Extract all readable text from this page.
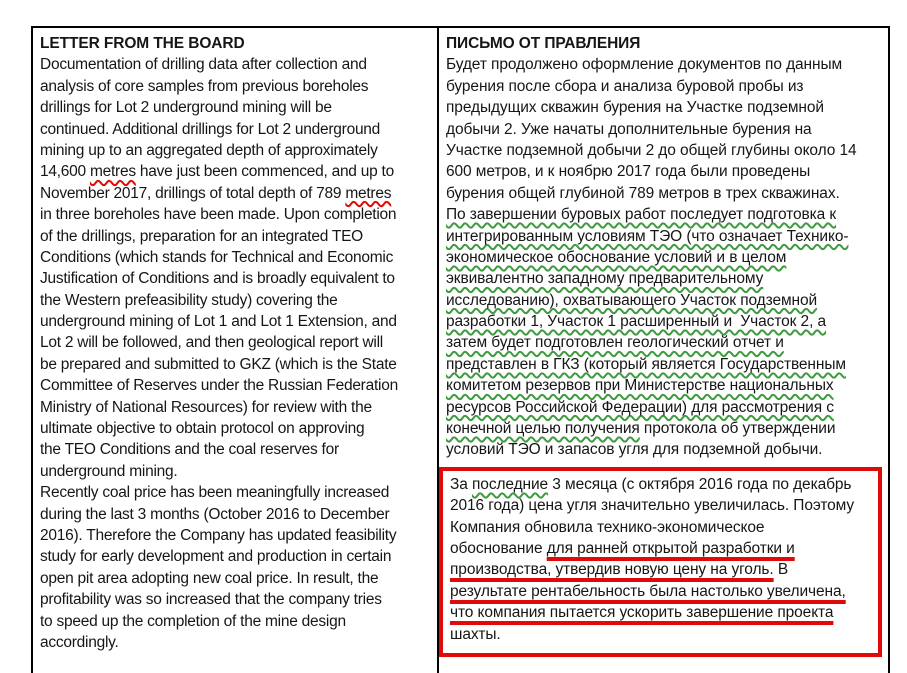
LETTER FROM THE BOARD
Documentation of drilling data after collection and
analysis of core samples from previous boreholes
drillings for Lot 2 underground mining will be
continued. Additional drillings for Lot 2 underground
mining up to an aggregated depth of approximately
14,600 metres have just been commenced, and up to
November 2017, drillings of total depth of 789 metres
in three boreholes have been made. Upon completion
of the drillings, preparation for an integrated TEO
Conditions (which stands for Technical and Economic
Justification of Conditions and is broadly equivalent to
the Western prefeasibility study) covering the
underground mining of Lot 1 and Lot 1 Extension, and
Lot 2 will be followed, and then geological report will
be prepared and submitted to GKZ (which is the State
Committee of Reserves under the Russian Federation
Ministry of National Resources) for review with the
ultimate objective to obtain protocol on approving
the TEO Conditions and the coal reserves for
underground mining.
Recently coal price has been meaningfully increased
during the last 3 months (October 2016 to December
2016). Therefore the Company has updated feasibility
study for early development and production in certain
open pit area adopting new coal price. In result, the
profitability was so increased that the company tries
to speed up the completion of the mine design
accordingly.
ПИСЬМО ОТ ПРАВЛЕНИЯ
Будет продолжено оформление документов по данным
бурения после сбора и анализа буровой пробы из
предыдущих скважин бурения на Участке подземной
добычи 2. Уже начаты дополнительные бурения на
Участке подземной добычи 2 до общей глубины около 14
600 метров, и к ноябрю 2017 года были проведены
бурения общей глубиной 789 метров в трех скважинах.
По завершении буровых работ последует подготовка к
интегрированным условиям ТЭО (что означает Технико-
экономическое обоснование условий и в целом
эквивалентно западному предварительному
исследованию), охватывающего Участок подземной
разработки 1, Участок 1 расширенный и  Участок 2, а
затем будет подготовлен геологический отчет и
представлен в ГКЗ (который является Государственным
комитетом резервов при Министерстве национальных
ресурсов Российской Федерации) для рассмотрения с
конечной целью получения протокола об утверждении
условий ТЭО и запасов угля для подземной добычи.
За последние 3 месяца (с октября 2016 года по декабрь
2016 года) цена угля значительно увеличилась. Поэтому
Компания обновила технико-экономическое
обоснование для ранней открытой разработки и
производства, утвердив новую цену на уголь. В
результате рентабельность была настолько увеличена,
что компания пытается ускорить завершение проекта
шахты.
